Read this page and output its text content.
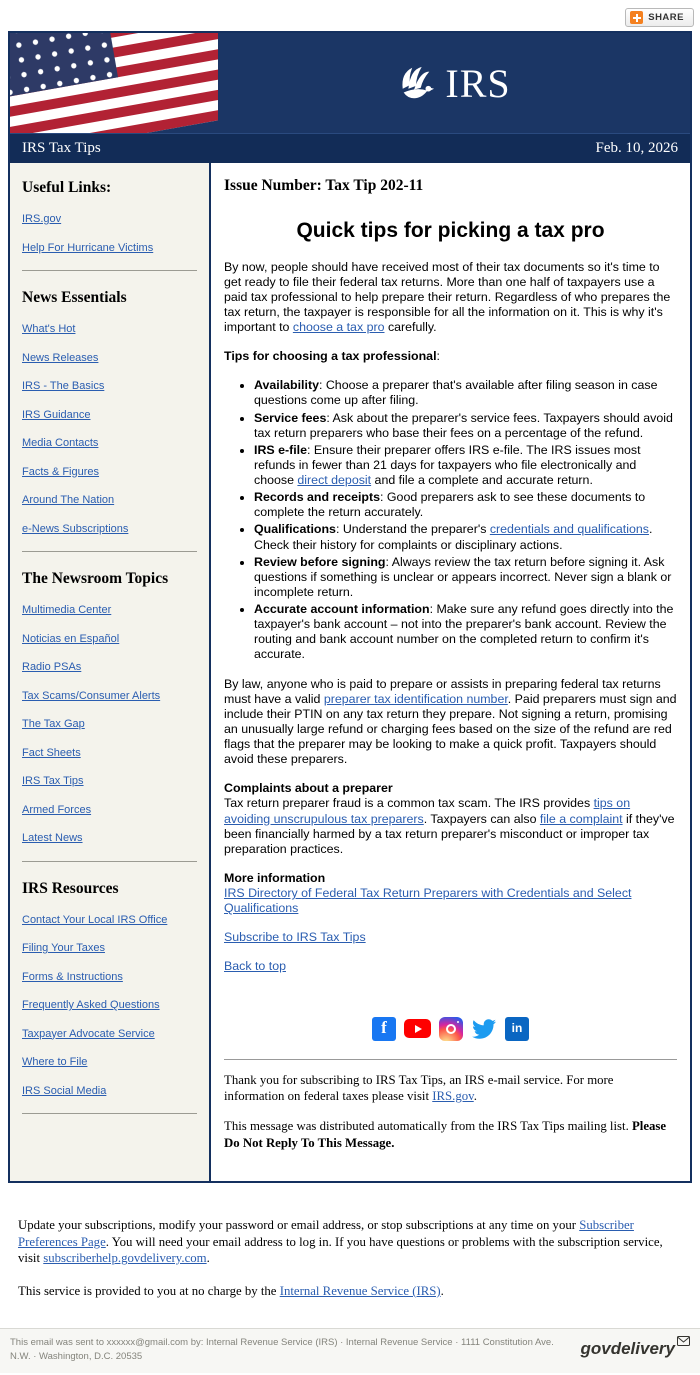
SHARE
IRS
IRS Tax Tips	Feb. 10, 2026
Useful Links:
IRS.gov
Help For Hurricane Victims
News Essentials
What's Hot
News Releases
IRS - The Basics
IRS Guidance
Media Contacts
Facts & Figures
Around The Nation
e-News Subscriptions
The Newsroom Topics
Multimedia Center
Noticias en Español
Radio PSAs
Tax Scams/Consumer Alerts
The Tax Gap
Fact Sheets
IRS Tax Tips
Armed Forces
Latest News
IRS Resources
Contact Your Local IRS Office
Filing Your Taxes
Forms & Instructions
Frequently Asked Questions
Taxpayer Advocate Service
Where to File
IRS Social Media
Issue Number: Tax Tip 202-11
Quick tips for picking a tax pro

By now, people should have received most of their tax documents so it's time to get ready to file their federal tax returns. More than one half of taxpayers use a paid tax professional to help prepare their return. Regardless of who prepares the tax return, the taxpayer is responsible for all the information on it. This is why it's important to choose a tax pro carefully.

Tips for choosing a tax professional:

• Availability: Choose a preparer that's available after filing season in case questions come up after filing.
• Service fees: Ask about the preparer's service fees. Taxpayers should avoid tax return preparers who base their fees on a percentage of the refund.
• IRS e-file: Ensure their preparer offers IRS e-file. The IRS issues most refunds in fewer than 21 days for taxpayers who file electronically and choose direct deposit and file a complete and accurate return.
• Records and receipts: Good preparers ask to see these documents to complete the return accurately.
• Qualifications: Understand the preparer's credentials and qualifications. Check their history for complaints or disciplinary actions.
• Review before signing: Always review the tax return before signing it. Ask questions if something is unclear or appears incorrect. Never sign a blank or incomplete return.
• Accurate account information: Make sure any refund goes directly into the taxpayer's bank account – not into the preparer's bank account. Review the routing and bank account number on the completed return to confirm it's accurate.

By law, anyone who is paid to prepare or assists in preparing federal tax returns must have a valid preparer tax identification number. Paid preparers must sign and include their PTIN on any tax return they prepare. Not signing a return, promising an unusually large refund or charging fees based on the size of the refund are red flags that the preparer may be looking to make a quick profit. Taxpayers should avoid these preparers.

Complaints about a preparer

Tax return preparer fraud is a common tax scam. The IRS provides tips on avoiding unscrupulous tax preparers. Taxpayers can also file a complaint if they've been financially harmed by a tax return preparer's misconduct or improper tax preparation practices.

More information

IRS Directory of Federal Tax Return Preparers with Credentials and Select Qualifications

Subscribe to IRS Tax Tips

Back to top

f	in

Thank you for subscribing to IRS Tax Tips, an IRS e-mail service. For more information on federal taxes please visit IRS.gov.

This message was distributed automatically from the IRS Tax Tips mailing list. Please Do Not Reply To This Message.

Update your subscriptions, modify your password or email address, or stop subscriptions at any time on your Subscriber Preferences Page. You will need your email address to log in. If you have questions or problems with the subscription service, visit subscriberhelp.govdelivery.com.

This service is provided to you at no charge by the Internal Revenue Service (IRS).

This email was sent to xxxxxx@gmail.com by: Internal Revenue Service (IRS) · Internal Revenue Service · 1111 Constitution Ave. N.W. · Washington, D.C. 20535	govdelivery
